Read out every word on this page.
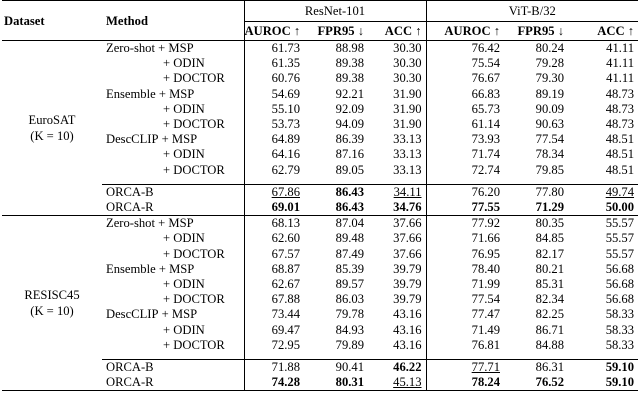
Dataset	Method	ResNet-101			ViT-B/32		
		AUROC ↑	FPR95 ↓	ACC ↑	AUROC ↑	FPR95 ↓	ACC ↑

EuroSAT
(K = 10)	Zero-shot + MSP	61.73	88.98	30.30	76.42	80.24	41.11
	+ ODIN	61.35	89.38	30.30	75.54	79.28	41.11
	+ DOCTOR	60.76	89.38	30.30	76.67	79.30	41.11
	Ensemble + MSP	54.69	92.21	31.90	66.83	89.19	48.73
	+ ODIN	55.10	92.09	31.90	65.73	90.09	48.73
	+ DOCTOR	53.73	94.09	31.90	61.14	90.63	48.73
	DescCLIP + MSP	64.89	86.39	33.13	73.93	77.54	48.51
	+ ODIN	64.16	87.16	33.13	71.74	78.34	48.51
	+ DOCTOR	62.79	89.05	33.13	72.74	79.85	48.51

	ORCA-B	67.86	86.43	34.11	76.20	77.80	49.74
	ORCA-R	69.01	86.43	34.76	77.55	71.29	50.00

RESISC45
(K = 10)	Zero-shot + MSP	68.13	87.04	37.66	77.92	80.35	55.57
	+ ODIN	62.60	89.48	37.66	71.66	84.85	55.57
	+ DOCTOR	67.57	87.49	37.66	76.95	82.17	55.57
	Ensemble + MSP	68.87	85.39	39.79	78.40	80.21	56.68
	+ ODIN	62.67	89.57	39.79	71.99	85.31	56.68
	+ DOCTOR	67.88	86.03	39.79	77.54	82.34	56.68
	DescCLIP + MSP	73.44	79.78	43.16	77.47	82.25	58.33
	+ ODIN	69.47	84.93	43.16	71.49	86.71	58.33
	+ DOCTOR	72.95	79.89	43.16	76.81	84.88	58.33

	ORCA-B	71.88	90.41	46.22	77.71	86.31	59.10
	ORCA-R	74.28	80.31	45.13	78.24	76.52	59.10
